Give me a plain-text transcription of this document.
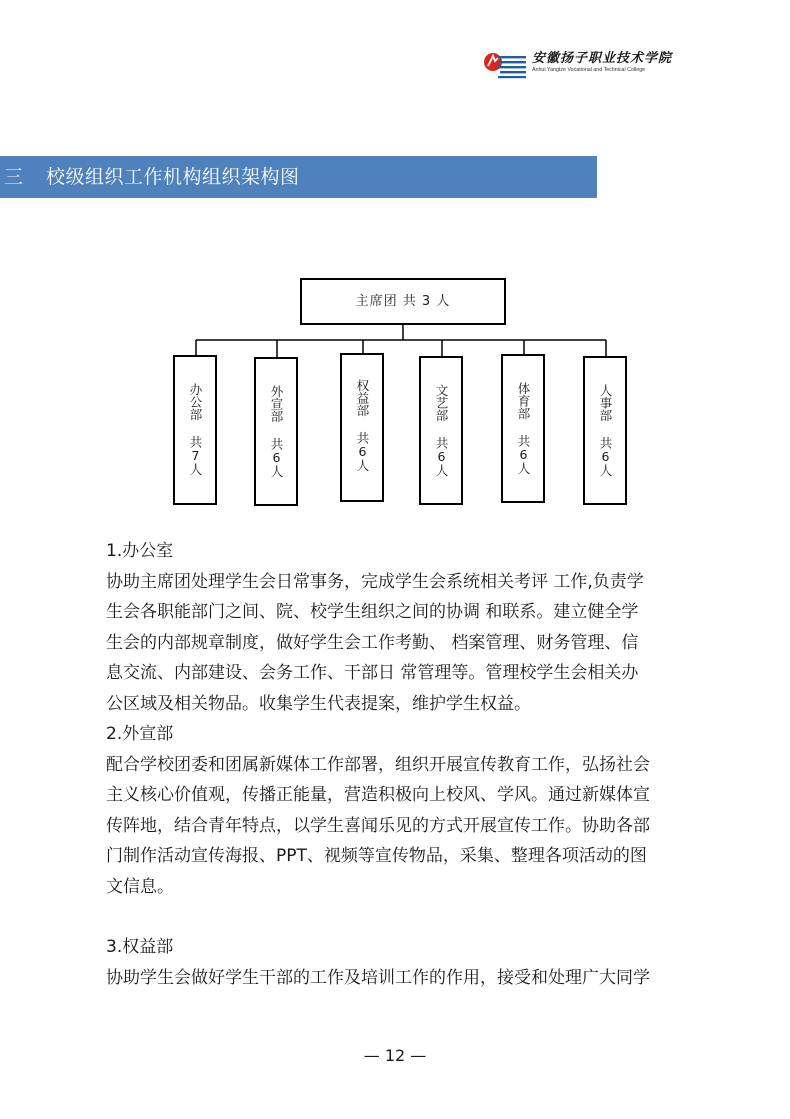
安徽扬子职业技术学院
Anhui Yangtze Vocational and Technical College
三 校级组织工作机构组织架构图
主席团 共 3 人
办公部 共7人	外宣部 共6人	权益部 共6人	文艺部 共6人	体育部 共6人	人事部 共6人

1.办公室

协助主席团处理学生会日常事务，完成学生会系统相关考评 工作,负责学

生会各职能部门之间、院、校学生组织之间的协调 和联系。建立健全学

生会的内部规章制度，做好学生会工作考勤、 档案管理、财务管理、信

息交流、内部建设、会务工作、干部日 常管理等。管理校学生会相关办

公区域及相关物品。收集学生代表提案，维护学生权益。

2.外宣部

配合学校团委和团属新媒体工作部署，组织开展宣传教育工作，弘扬社会

主义核心价值观，传播正能量，营造积极向上校风、学风。通过新媒体宣

传阵地，结合青年特点，以学生喜闻乐见的方式开展宣传工作。协助各部

门制作活动宣传海报、PPT、视频等宣传物品，采集、整理各项活动的图

文信息。

3.权益部

协助学生会做好学生干部的工作及培训工作的作用，接受和处理广大同学

— 12 —
